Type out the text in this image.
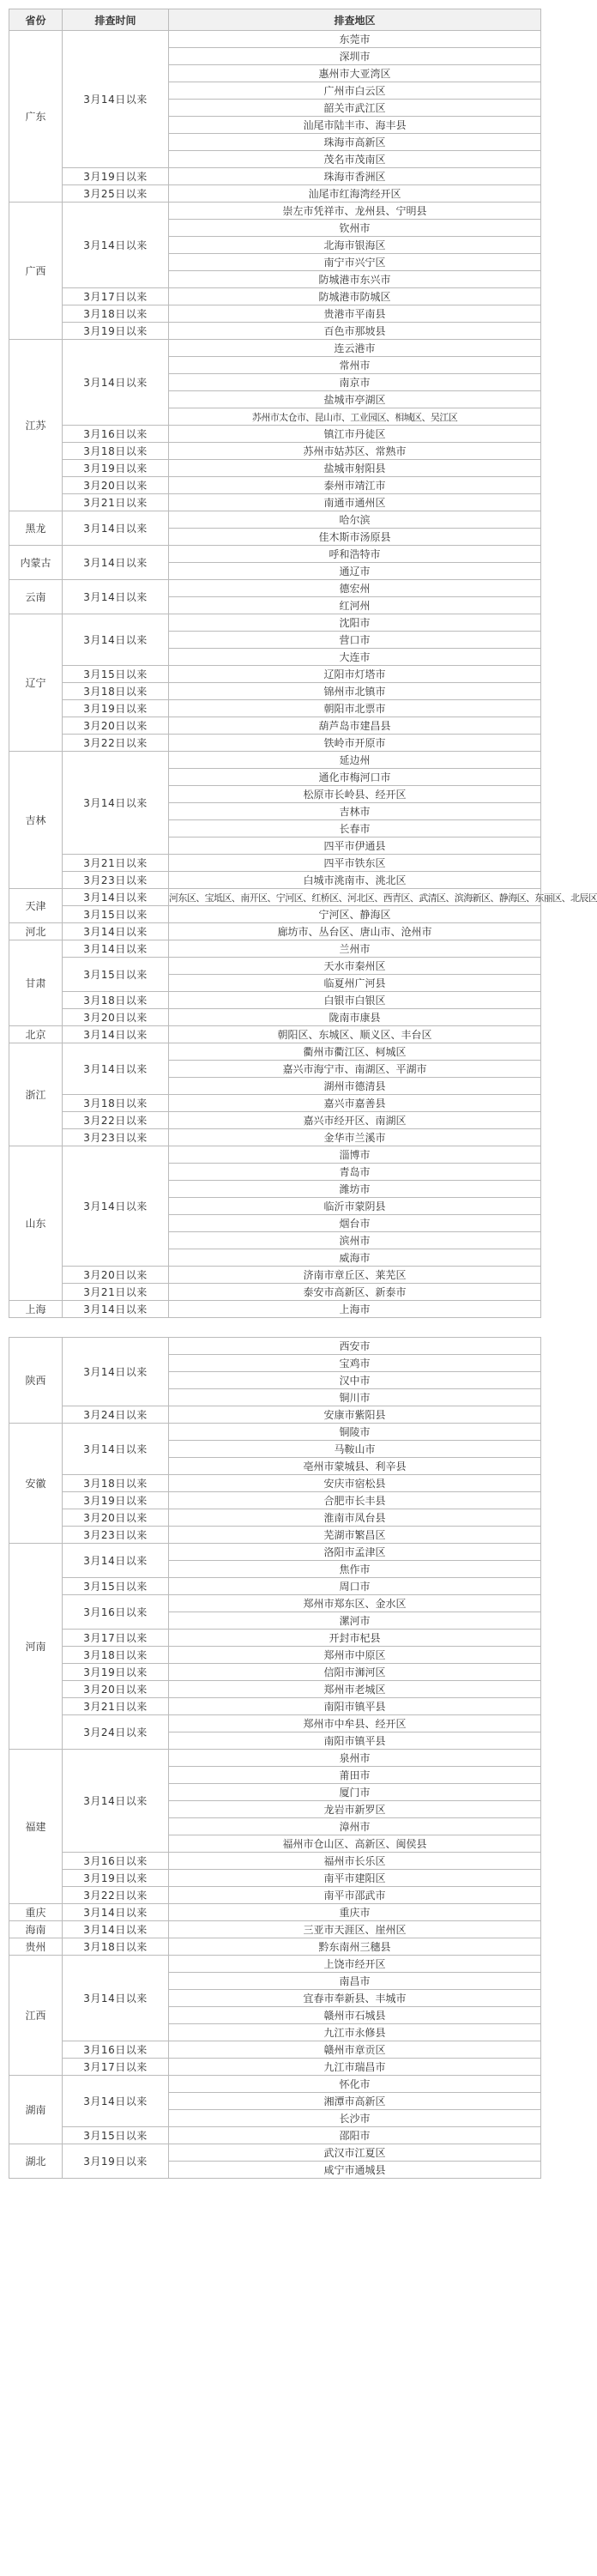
省份	排查时间	排查地区
广东	3月14日以来	东莞市
		深圳市
		惠州市大亚湾区
		广州市白云区
		韶关市武江区
		汕尾市陆丰市、海丰县
		珠海市高新区
		茂名市茂南区
	3月19日以来	珠海市香洲区
	3月25日以来	汕尾市红海湾经开区
广西	3月14日以来	崇左市凭祥市、龙州县、宁明县
		钦州市
		北海市银海区
		南宁市兴宁区
		防城港市东兴市
	3月17日以来	防城港市防城区
	3月18日以来	贵港市平南县
	3月19日以来	百色市那坡县
江苏	3月14日以来	连云港市
		常州市
		南京市
		盐城市亭湖区
		苏州市太仓市、昆山市、工业园区、相城区、吴江区
	3月16日以来	镇江市丹徒区
	3月18日以来	苏州市姑苏区、常熟市
	3月19日以来	盐城市射阳县
	3月20日以来	泰州市靖江市
	3月21日以来	南通市通州区
黑龙	3月14日以来	哈尔滨
		佳木斯市汤原县
内蒙古	3月14日以来	呼和浩特市
		通辽市
云南	3月14日以来	德宏州
		红河州
辽宁	3月14日以来	沈阳市
		营口市
		大连市
	3月15日以来	辽阳市灯塔市
	3月18日以来	锦州市北镇市
	3月19日以来	朝阳市北票市
	3月20日以来	葫芦岛市建昌县
	3月22日以来	铁岭市开原市
吉林	3月14日以来	延边州
		通化市梅河口市
		松原市长岭县、经开区
		吉林市
		长春市
		四平市伊通县
	3月21日以来	四平市铁东区
	3月23日以来	白城市洮南市、洮北区
天津	3月14日以来	河东区、宝坻区、南开区、宁河区、红桥区、河北区、西青区、武清区、滨海新区、静海区、东丽区、北辰区
	3月15日以来	宁河区、静海区
河北	3月14日以来	廊坊市、丛台区、唐山市、沧州市
甘肃	3月14日以来	兰州市
	3月15日以来	天水市秦州区
		临夏州广河县
	3月18日以来	白银市白银区
	3月20日以来	陇南市康县
北京	3月14日以来	朝阳区、东城区、顺义区、丰台区
浙江	3月14日以来	衢州市衢江区、柯城区
		嘉兴市海宁市、南湖区、平湖市
		湖州市德清县
	3月18日以来	嘉兴市嘉善县
	3月22日以来	嘉兴市经开区、南湖区
	3月23日以来	金华市兰溪市
山东	3月14日以来	淄博市
		青岛市
		潍坊市
		临沂市蒙阴县
		烟台市
		滨州市
		威海市
	3月20日以来	济南市章丘区、莱芜区
	3月21日以来	泰安市高新区、新泰市
上海	3月14日以来	上海市

陕西	3月14日以来	西安市
		宝鸡市
		汉中市
		铜川市
	3月24日以来	安康市紫阳县
安徽	3月14日以来	铜陵市
		马鞍山市
		亳州市蒙城县、利辛县
	3月18日以来	安庆市宿松县
	3月19日以来	合肥市长丰县
	3月20日以来	淮南市凤台县
	3月23日以来	芜湖市繁昌区
河南	3月14日以来	洛阳市孟津区
		焦作市
	3月15日以来	周口市
	3月16日以来	郑州市郑东区、金水区
		漯河市
	3月17日以来	开封市杞县
	3月18日以来	郑州市中原区
	3月19日以来	信阳市浉河区
	3月20日以来	郑州市老城区
	3月21日以来	南阳市镇平县
	3月24日以来	郑州市中牟县、经开区
		南阳市镇平县
福建	3月14日以来	泉州市
		莆田市
		厦门市
		龙岩市新罗区
		漳州市
		福州市仓山区、高新区、闽侯县
	3月16日以来	福州市长乐区
	3月19日以来	南平市建阳区
	3月22日以来	南平市邵武市
重庆	3月14日以来	重庆市
海南	3月14日以来	三亚市天涯区、崖州区
贵州	3月18日以来	黔东南州三穗县
江西	3月14日以来	上饶市经开区
		南昌市
		宜春市奉新县、丰城市
		赣州市石城县
		九江市永修县
	3月16日以来	赣州市章贡区
	3月17日以来	九江市瑞昌市
湖南	3月14日以来	怀化市
		湘潭市高新区
		长沙市
	3月15日以来	邵阳市
湖北	3月19日以来	武汉市江夏区
		咸宁市通城县
